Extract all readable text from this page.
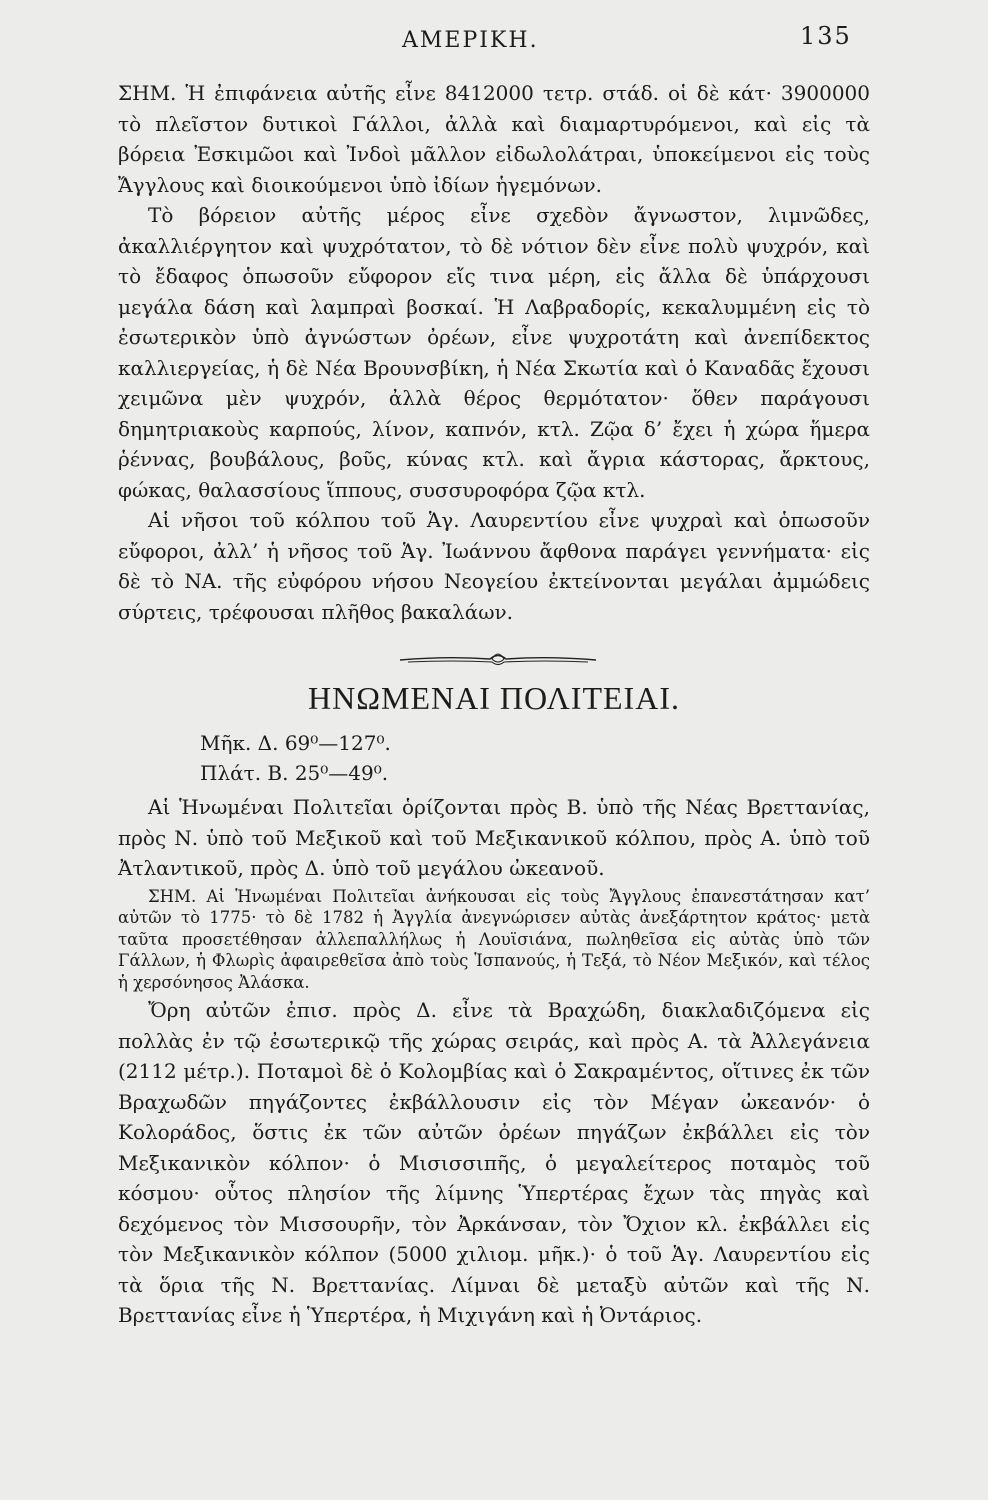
ΑΜΕΡΙΚΗ.	135

ΣΗΜ. Ἡ ἐπιφάνεια αὐτῆς εἶνε 8412000 τετρ. στάδ. οἱ δὲ κάτ· 3900000 τὸ πλεῖστον δυτικοὶ Γάλλοι, ἀλλὰ καὶ διαμαρτυρόμενοι, καὶ εἰς τὰ βόρεια Ἐσκιμῶοι καὶ Ἰνδοὶ μᾶλλον εἰδωλολάτραι, ὑποκείμενοι εἰς τοὺς Ἄγγλους καὶ διοικούμενοι ὑπὸ ἰδίων ἡγεμόνων.

Τὸ βόρειον αὐτῆς μέρος εἶνε σχεδὸν ἄγνωστον, λιμνῶδες, ἀκαλλιέργητον καὶ ψυχρότατον, τὸ δὲ νότιον δὲν εἶνε πολὺ ψυχρόν, καὶ τὸ ἔδαφος ὁπωσοῦν εὔφορον εἴς τινα μέρη, εἰς ἄλλα δὲ ὑπάρχουσι μεγάλα δάση καὶ λαμπραὶ βοσκαί. Ἡ Λαβραδορίς, κεκαλυμμένη εἰς τὸ ἐσωτερικὸν ὑπὸ ἀγνώστων ὀρέων, εἶνε ψυχροτάτη καὶ ἀνεπίδεκτος καλλιεργείας, ἡ δὲ Νέα Βρουνσβίκη, ἡ Νέα Σκωτία καὶ ὁ Καναδᾶς ἔχουσι χειμῶνα μὲν ψυχρόν, ἀλλὰ θέρος θερμότατον· ὅθεν παράγουσι δημητριακοὺς καρπούς, λίνον, καπνόν, κτλ. Ζῷα δ’ ἔχει ἡ χώρα ἥμερα ῥέννας, βουβάλους, βοῦς, κύνας κτλ. καὶ ἄγρια κάστορας, ἄρκτους, φώκας, θαλασσίους ἵππους, συσσυροφόρα ζῷα κτλ.

Αἱ νῆσοι τοῦ κόλπου τοῦ Ἁγ. Λαυρεντίου εἶνε ψυχραὶ καὶ ὁπωσοῦν εὔφοροι, ἀλλ’ ἡ νῆσος τοῦ Ἁγ. Ἰωάννου ἄφθονα παράγει γεννήματα· εἰς δὲ τὸ ΝΑ. τῆς εὐφόρου νήσου Νεογείου ἐκτείνονται μεγάλαι ἀμμώδεις σύρτεις, τρέφουσαι πλῆθος βακαλάων.

ΗΝΩΜΕΝΑΙ ΠΟΛΙΤΕΙΑΙ.
Μῆκ. Δ. 69⁰—127⁰.
Πλάτ. Β. 25⁰—49⁰.

Αἱ Ἡνωμέναι Πολιτεῖαι ὁρίζονται πρὸς Β. ὑπὸ τῆς Νέας Βρεττανίας, πρὸς Ν. ὑπὸ τοῦ Μεξικοῦ καὶ τοῦ Μεξικανικοῦ κόλπου, πρὸς Α. ὑπὸ τοῦ Ἀτλαντικοῦ, πρὸς Δ. ὑπὸ τοῦ μεγάλου ὠκεανοῦ.

ΣΗΜ. Αἱ Ἡνωμέναι Πολιτεῖαι ἀνήκουσαι εἰς τοὺς Ἄγγλους ἐπανεστάτησαν κατ’ αὐτῶν τὸ 1775· τὸ δὲ 1782 ἡ Ἀγγλία ἀνεγνώρισεν αὐτὰς ἀνεξάρτητον κράτος· μετὰ ταῦτα προσετέθησαν ἀλλεπαλλήλως ἡ Λουϊσιάνα, πωληθεῖσα εἰς αὐτὰς ὑπὸ τῶν Γάλλων, ἡ Φλωρὶς ἀφαιρεθεῖσα ἀπὸ τοὺς Ἱσπανούς, ἡ Τεξά, τὸ Νέον Μεξικόν, καὶ τέλος ἡ χερσόνησος Ἀλάσκα.

Ὄρη αὐτῶν ἐπισ. πρὸς Δ. εἶνε τὰ Βραχώδη, διακλαδιζόμενα εἰς πολλὰς ἐν τῷ ἐσωτερικῷ τῆς χώρας σειράς, καὶ πρὸς Α. τὰ Ἀλλεγάνεια (2112 μέτρ.). Ποταμοὶ δὲ ὁ Κολομβίας καὶ ὁ Σακραμέντος, οἵτινες ἐκ τῶν Βραχωδῶν πηγάζοντες ἐκβάλλουσιν εἰς τὸν Μέγαν ὠκεανόν· ὁ Κολοράδος, ὅστις ἐκ τῶν αὐτῶν ὀρέων πηγάζων ἐκβάλλει εἰς τὸν Μεξικανικὸν κόλπον· ὁ Μισισσιπῆς, ὁ μεγαλείτερος ποταμὸς τοῦ κόσμου· οὗτος πλησίον τῆς λίμνης Ὑπερτέρας ἔχων τὰς πηγὰς καὶ δεχόμενος τὸν Μισσουρῆν, τὸν Ἀρκάνσαν, τὸν Ὄχιον κλ. ἐκβάλλει εἰς τὸν Μεξικανικὸν κόλπον (5000 χιλιομ. μῆκ.)· ὁ τοῦ Ἁγ. Λαυρεντίου εἰς τὰ ὅρια τῆς Ν. Βρεττανίας. Λίμναι δὲ μεταξὺ αὐτῶν καὶ τῆς Ν. Βρεττανίας εἶνε ἡ Ὑπερτέρα, ἡ Μιχιγάνη καὶ ἡ Ὀντάριος.
